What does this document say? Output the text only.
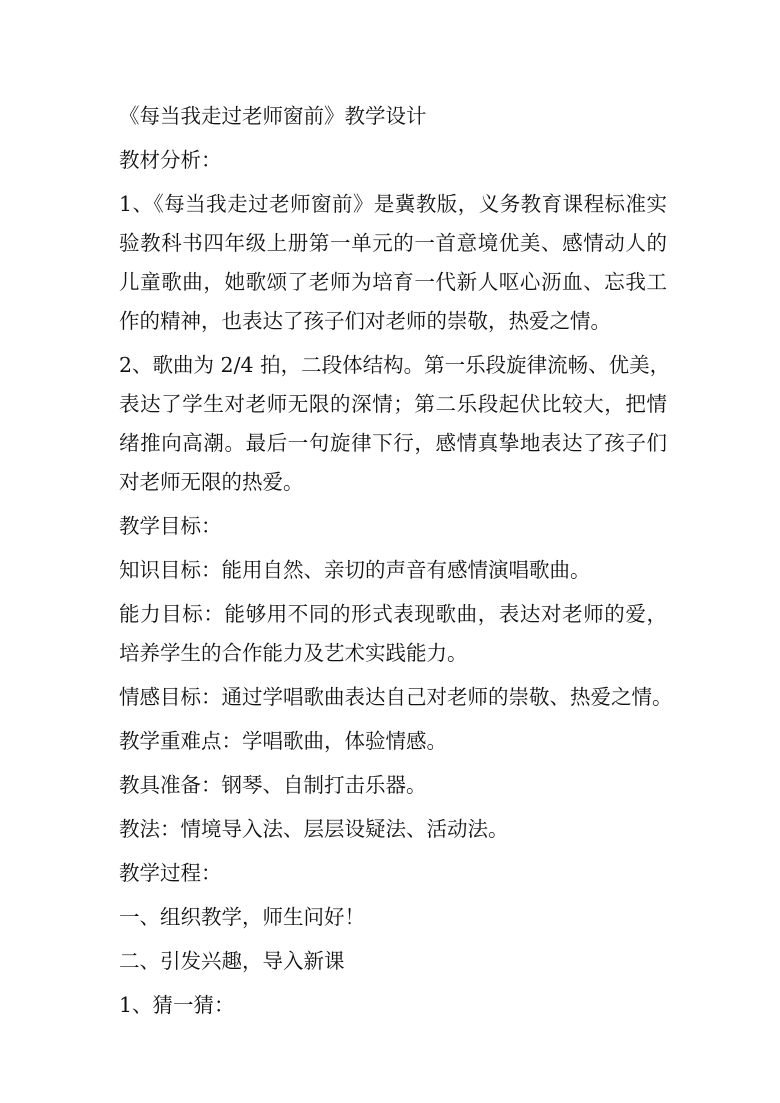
《每当我走过老师窗前》教学设计
教材分析：
1、《每当我走过老师窗前》是冀教版，义务教育课程标准实
验教科书四年级上册第一单元的一首意境优美、感情动人的
儿童歌曲，她歌颂了老师为培育一代新人呕心沥血、忘我工
作的精神，也表达了孩子们对老师的崇敬，热爱之情。
2、歌曲为 2/4 拍，二段体结构。第一乐段旋律流畅、优美，
表达了学生对老师无限的深情；第二乐段起伏比较大，把情
绪推向高潮。最后一句旋律下行，感情真挚地表达了孩子们
对老师无限的热爱。
教学目标：
知识目标：能用自然、亲切的声音有感情演唱歌曲。
能力目标：能够用不同的形式表现歌曲，表达对老师的爱，
培养学生的合作能力及艺术实践能力。
情感目标：通过学唱歌曲表达自己对老师的崇敬、热爱之情。
教学重难点：学唱歌曲，体验情感。
教具准备：钢琴、自制打击乐器。
教法：情境导入法、层层设疑法、活动法。
教学过程：
一、组织教学，师生问好！
二、引发兴趣，导入新课
1、猜一猜：
